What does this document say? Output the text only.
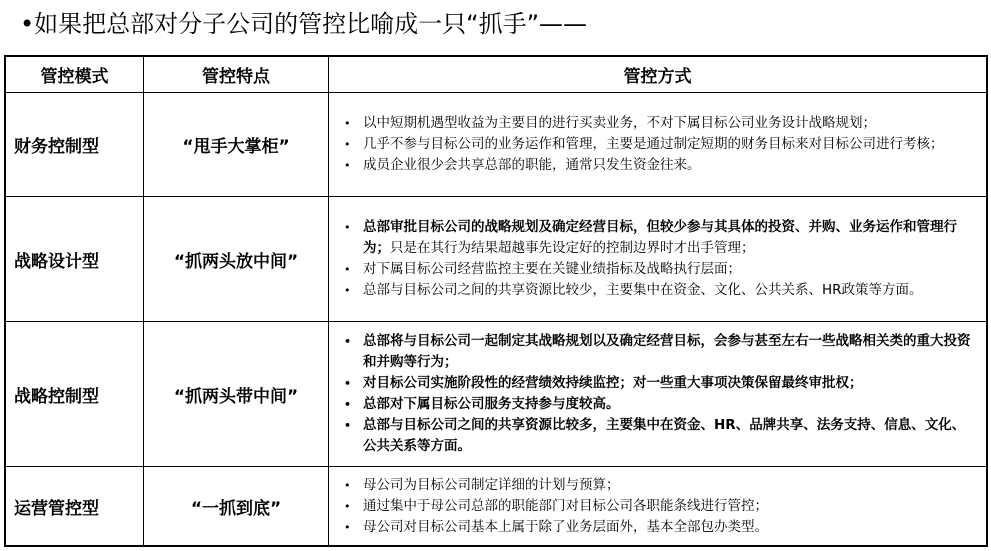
•如果把总部对分子公司的管控比喻成一只“抓手”——
管控模式	管控特点	管控方式
财务控制型	“甩手大掌柜”
• 以中短期机遇型收益为主要目的进行买卖业务，不对下属目标公司业务设计战略规划；
• 几乎不参与目标公司的业务运作和管理，主要是通过制定短期的财务目标来对目标公司进行考核；
• 成员企业很少会共享总部的职能，通常只发生资金往来。
战略设计型	“抓两头放中间”
• 总部审批目标公司的战略规划及确定经营目标，但较少参与其具体的投资、并购、业务运作和管理行为；只是在其行为结果超越事先设定好的控制边界时才出手管理；
• 对下属目标公司经营监控主要在关键业绩指标及战略执行层面；
• 总部与目标公司之间的共享资源比较少，主要集中在资金、文化、公共关系、HR政策等方面。
战略控制型	“抓两头带中间”
• 总部将与目标公司一起制定其战略规划以及确定经营目标，会参与甚至左右一些战略相关类的重大投资和并购等行为；
• 对目标公司实施阶段性的经营绩效持续监控；对一些重大事项决策保留最终审批权；
• 总部对下属目标公司服务支持参与度较高。
• 总部与目标公司之间的共享资源比较多，主要集中在资金、HR、品牌共享、法务支持、信息、文化、公共关系等方面。
运营管控型	“一抓到底”
• 母公司为目标公司制定详细的计划与预算；
• 通过集中于母公司总部的职能部门对目标公司各职能条线进行管控；
• 母公司对目标公司基本上属于除了业务层面外，基本全部包办类型。
